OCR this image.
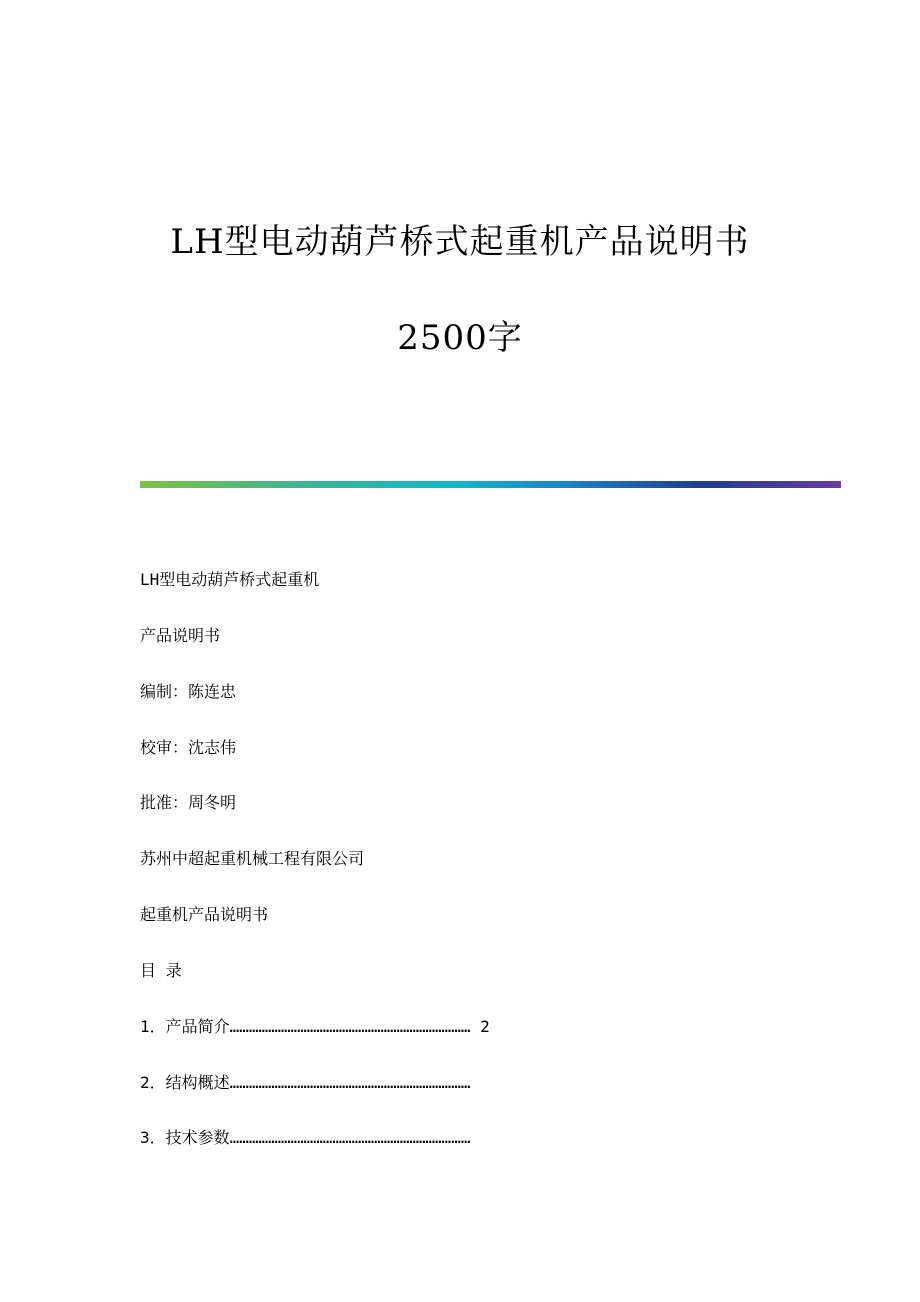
LH型电动葫芦桥式起重机产品说明书
2500字
LH型电动葫芦桥式起重机
产品说明书
编制：陈连忠
校审：沈志伟
批准：周冬明
苏州中超起重机械工程有限公司
起重机产品说明书
目 录
1．产品简介………………………………………………………………… 2
2．结构概述…………………………………………………………………
3．技术参数…………………………………………………………………
